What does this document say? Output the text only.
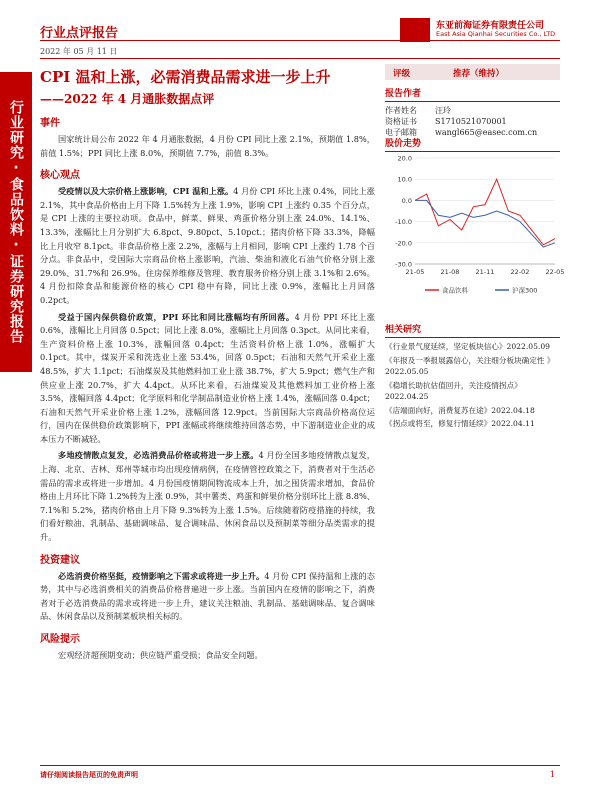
行业点评报告
2022 年 05 月 11 日
东亚前海证券有限责任公司
East Asia Qianhai Securities Co., LTD
行业研究·食品饮料·证券研究报告
CPI 温和上涨，必需消费品需求进一步上升
——2022 年 4 月通胀数据点评
事件
国家统计局公布 2022 年 4 月通胀数据，4 月份 CPI 同比上涨 2.1%，预期值 1.8%，前值 1.5%；PPI 同比上涨 8.0%，预期值 7.7%，前值 8.3%。
核心观点
受疫情以及大宗价格上涨影响，CPI 温和上涨。4 月份 CPI 环比上涨 0.4%，同比上涨 2.1%，其中食品价格由上月下降 1.5%转为上涨 1.9%，影响 CPI 上涨约 0.35 个百分点，是 CPI 上涨的主要拉动项。食品中，鲜菜、鲜果、鸡蛋价格分别上涨 24.0%、14.1%、13.3%，涨幅比上月分别扩大 6.8pct、9.80pct、5.10pct.；猪肉价格下降 33.3%，降幅比上月收窄 8.1pct。非食品价格上涨 2.2%，涨幅与上月相同，影响 CPI 上涨约 1.78 个百分点。非食品中，受国际大宗商品价格上涨影响，汽油、柴油和液化石油气价格分别上涨 29.0%、31.7%和 26.9%。住房保养维修及管理、教育服务价格分别上涨 3.1%和 2.6%。4 月份扣除食品和能源价格的核心 CPI 稳中有降，同比上涨 0.9%，涨幅比上月回落 0.2pct。
受益于国内保供稳价政策，PPI 环比和同比涨幅均有所回落。4 月份 PPI 环比上涨 0.6%，涨幅比上月回落 0.5pct；同比上涨 8.0%，涨幅比上月回落 0.3pct。从同比来看，生产资料价格上涨 10.3%，涨幅回落 0.4pct；生活资料价格上涨 1.0%，涨幅扩大 0.1pct。其中，煤炭开采和洗选业上涨 53.4%，回落 0.5pct；石油和天然气开采业上涨 48.5%，扩大 1.1pct；石油煤炭及其他燃料加工业上涨 38.7%，扩大 5.9pct；燃气生产和供应业上涨 20.7%，扩大 4.4pct。从环比来看，石油煤炭及其他燃料加工业价格上涨 3.5%，涨幅回落 4.4pct；化学原料和化学制品制造业价格上涨 1.4%，涨幅回落 0.4pct；石油和天然气开采业价格上涨 1.2%，涨幅回落 12.9pct。当前国际大宗商品价格高位运行，国内在保供稳价政策影响下，PPI 涨幅或将继续维持回落态势，中下游制造业企业的成本压力不断减轻。
多地疫情散点复发，必选消费品价格或将进一步上涨。4 月份全国多地疫情散点复发，上海、北京、吉林、郑州等城市均出现疫情病例，在疫情管控政策之下，消费者对于生活必需品的需求或将进一步增加。4 月份国疫情期间物流成本上升，加之囤货需求增加，食品价格由上月环比下降 1.2%转为上涨 0.9%，其中薯类、鸡蛋和鲜果价格分别环比上涨 8.8%、7.1%和 5.2%，猪肉价格由上月下降 9.3%转为上涨 1.5%。后续随着防疫措施的持续，我们看好粮油、乳制品、基础调味品、复合调味品、休闲食品以及预制菜等细分品类需求的提升。
投资建议
必选消费价格坚挺，疫情影响之下需求或将进一步上升。4 月份 CPI 保持温和上涨的态势，其中与必选消费相关的消费品价格普遍进一步上涨。当前国内在疫情的影响之下，消费者对于必选消费品的需求或将进一步上升，建议关注粮油、乳制品、基础调味品、复合调味品、休闲食品以及预制菜板块相关标的。
风险提示
宏观经济超预期变动；供应链严重受损；食品安全问题。
评级	推荐（维持）
报告作者
作者姓名 汪玲
资格证书 S1710521070001
电子邮箱 wangl665@easec.com.cn
股价走势
-30.0
-20.0
-10.0
0.0
10.0
20.0
21-05 21-08 21-11 22-02 22-05
食品饮料	沪深300
相关研究
《行业景气度延续，坚定板块信心》2022.05.09
《年报及一季报展露信心，关注细分板块确定性 》2022.05.05
《稳增长助抗估值回升，关注疫情拐点》2022.04.25
《店端面向好，消费复苏在途》2022.04.18
《拐点或将至，修复行情延续》2022.04.11
请仔细阅读报告尾页的免责声明	1
